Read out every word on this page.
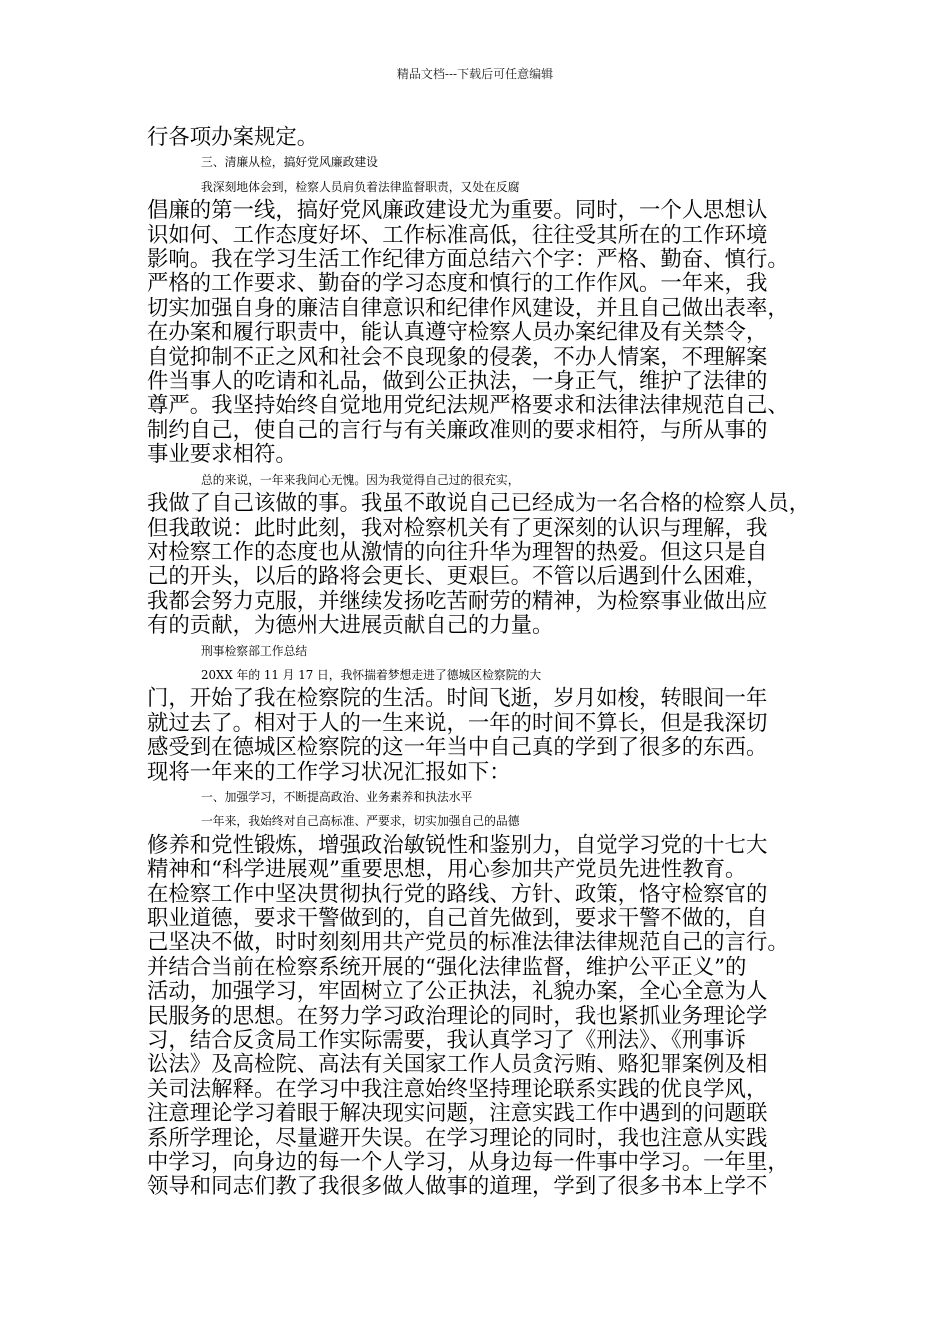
精品文档---下载后可任意编辑

行各项办案规定。

三、清廉从检，搞好党风廉政建设

我深刻地体会到，检察人员肩负着法律监督职责，又处在反腐

倡廉的第一线，搞好党风廉政建设尤为重要。同时，一个人思想认

识如何、工作态度好坏、工作标准高低，往往受其所在的工作环境

影响。我在学习生活工作纪律方面总结六个字：严格、勤奋、慎行。

严格的工作要求、勤奋的学习态度和慎行的工作作风。一年来，我

切实加强自身的廉洁自律意识和纪律作风建设，并且自己做出表率，

在办案和履行职责中，能认真遵守检察人员办案纪律及有关禁令，

自觉抑制不正之风和社会不良现象的侵袭，不办人情案，不理解案

件当事人的吃请和礼品，做到公正执法，一身正气，维护了法律的

尊严。我坚持始终自觉地用党纪法规严格要求和法律法律规范自己、

制约自己，使自己的言行与有关廉政准则的要求相符，与所从事的

事业要求相符。

总的来说，一年来我问心无愧。因为我觉得自己过的很充实，

我做了自己该做的事。我虽不敢说自己已经成为一名合格的检察人员，

但我敢说：此时此刻，我对检察机关有了更深刻的认识与理解，我

对检察工作的态度也从激情的向往升华为理智的热爱。但这只是自

己的开头，以后的路将会更长、更艰巨。不管以后遇到什么困难，

我都会努力克服，并继续发扬吃苦耐劳的精神，为检察事业做出应

有的贡献，为德州大进展贡献自己的力量。

刑事检察部工作总结

20XX 年的 11 月 17 日，我怀揣着梦想走进了德城区检察院的大

门，开始了我在检察院的生活。时间飞逝，岁月如梭，转眼间一年

就过去了。相对于人的一生来说，一年的时间不算长，但是我深切

感受到在德城区检察院的这一年当中自己真的学到了很多的东西。

现将一年来的工作学习状况汇报如下：

一、加强学习，不断提高政治、业务素养和执法水平

一年来，我始终对自己高标准、严要求，切实加强自己的品德

修养和党性锻炼，增强政治敏锐性和鉴别力，自觉学习党的十七大

精神和“科学进展观”重要思想，用心参加共产党员先进性教育。

在检察工作中坚决贯彻执行党的路线、方针、政策，恪守检察官的

职业道德，要求干警做到的，自己首先做到，要求干警不做的，自

己坚决不做，时时刻刻用共产党员的标准法律法律规范自己的言行。

并结合当前在检察系统开展的“强化法律监督，维护公平正义”的

活动，加强学习，牢固树立了公正执法，礼貌办案，全心全意为人

民服务的思想。在努力学习政治理论的同时，我也紧抓业务理论学

习，结合反贪局工作实际需要，我认真学习了《刑法》、《刑事诉

讼法》及高检院、高法有关国家工作人员贪污贿、赂犯罪案例及相

关司法解释。在学习中我注意始终坚持理论联系实践的优良学风，

注意理论学习着眼于解决现实问题，注意实践工作中遇到的问题联

系所学理论，尽量避开失误。在学习理论的同时，我也注意从实践

中学习，向身边的每一个人学习，从身边每一件事中学习。一年里，

领导和同志们教了我很多做人做事的道理，学到了很多书本上学不
